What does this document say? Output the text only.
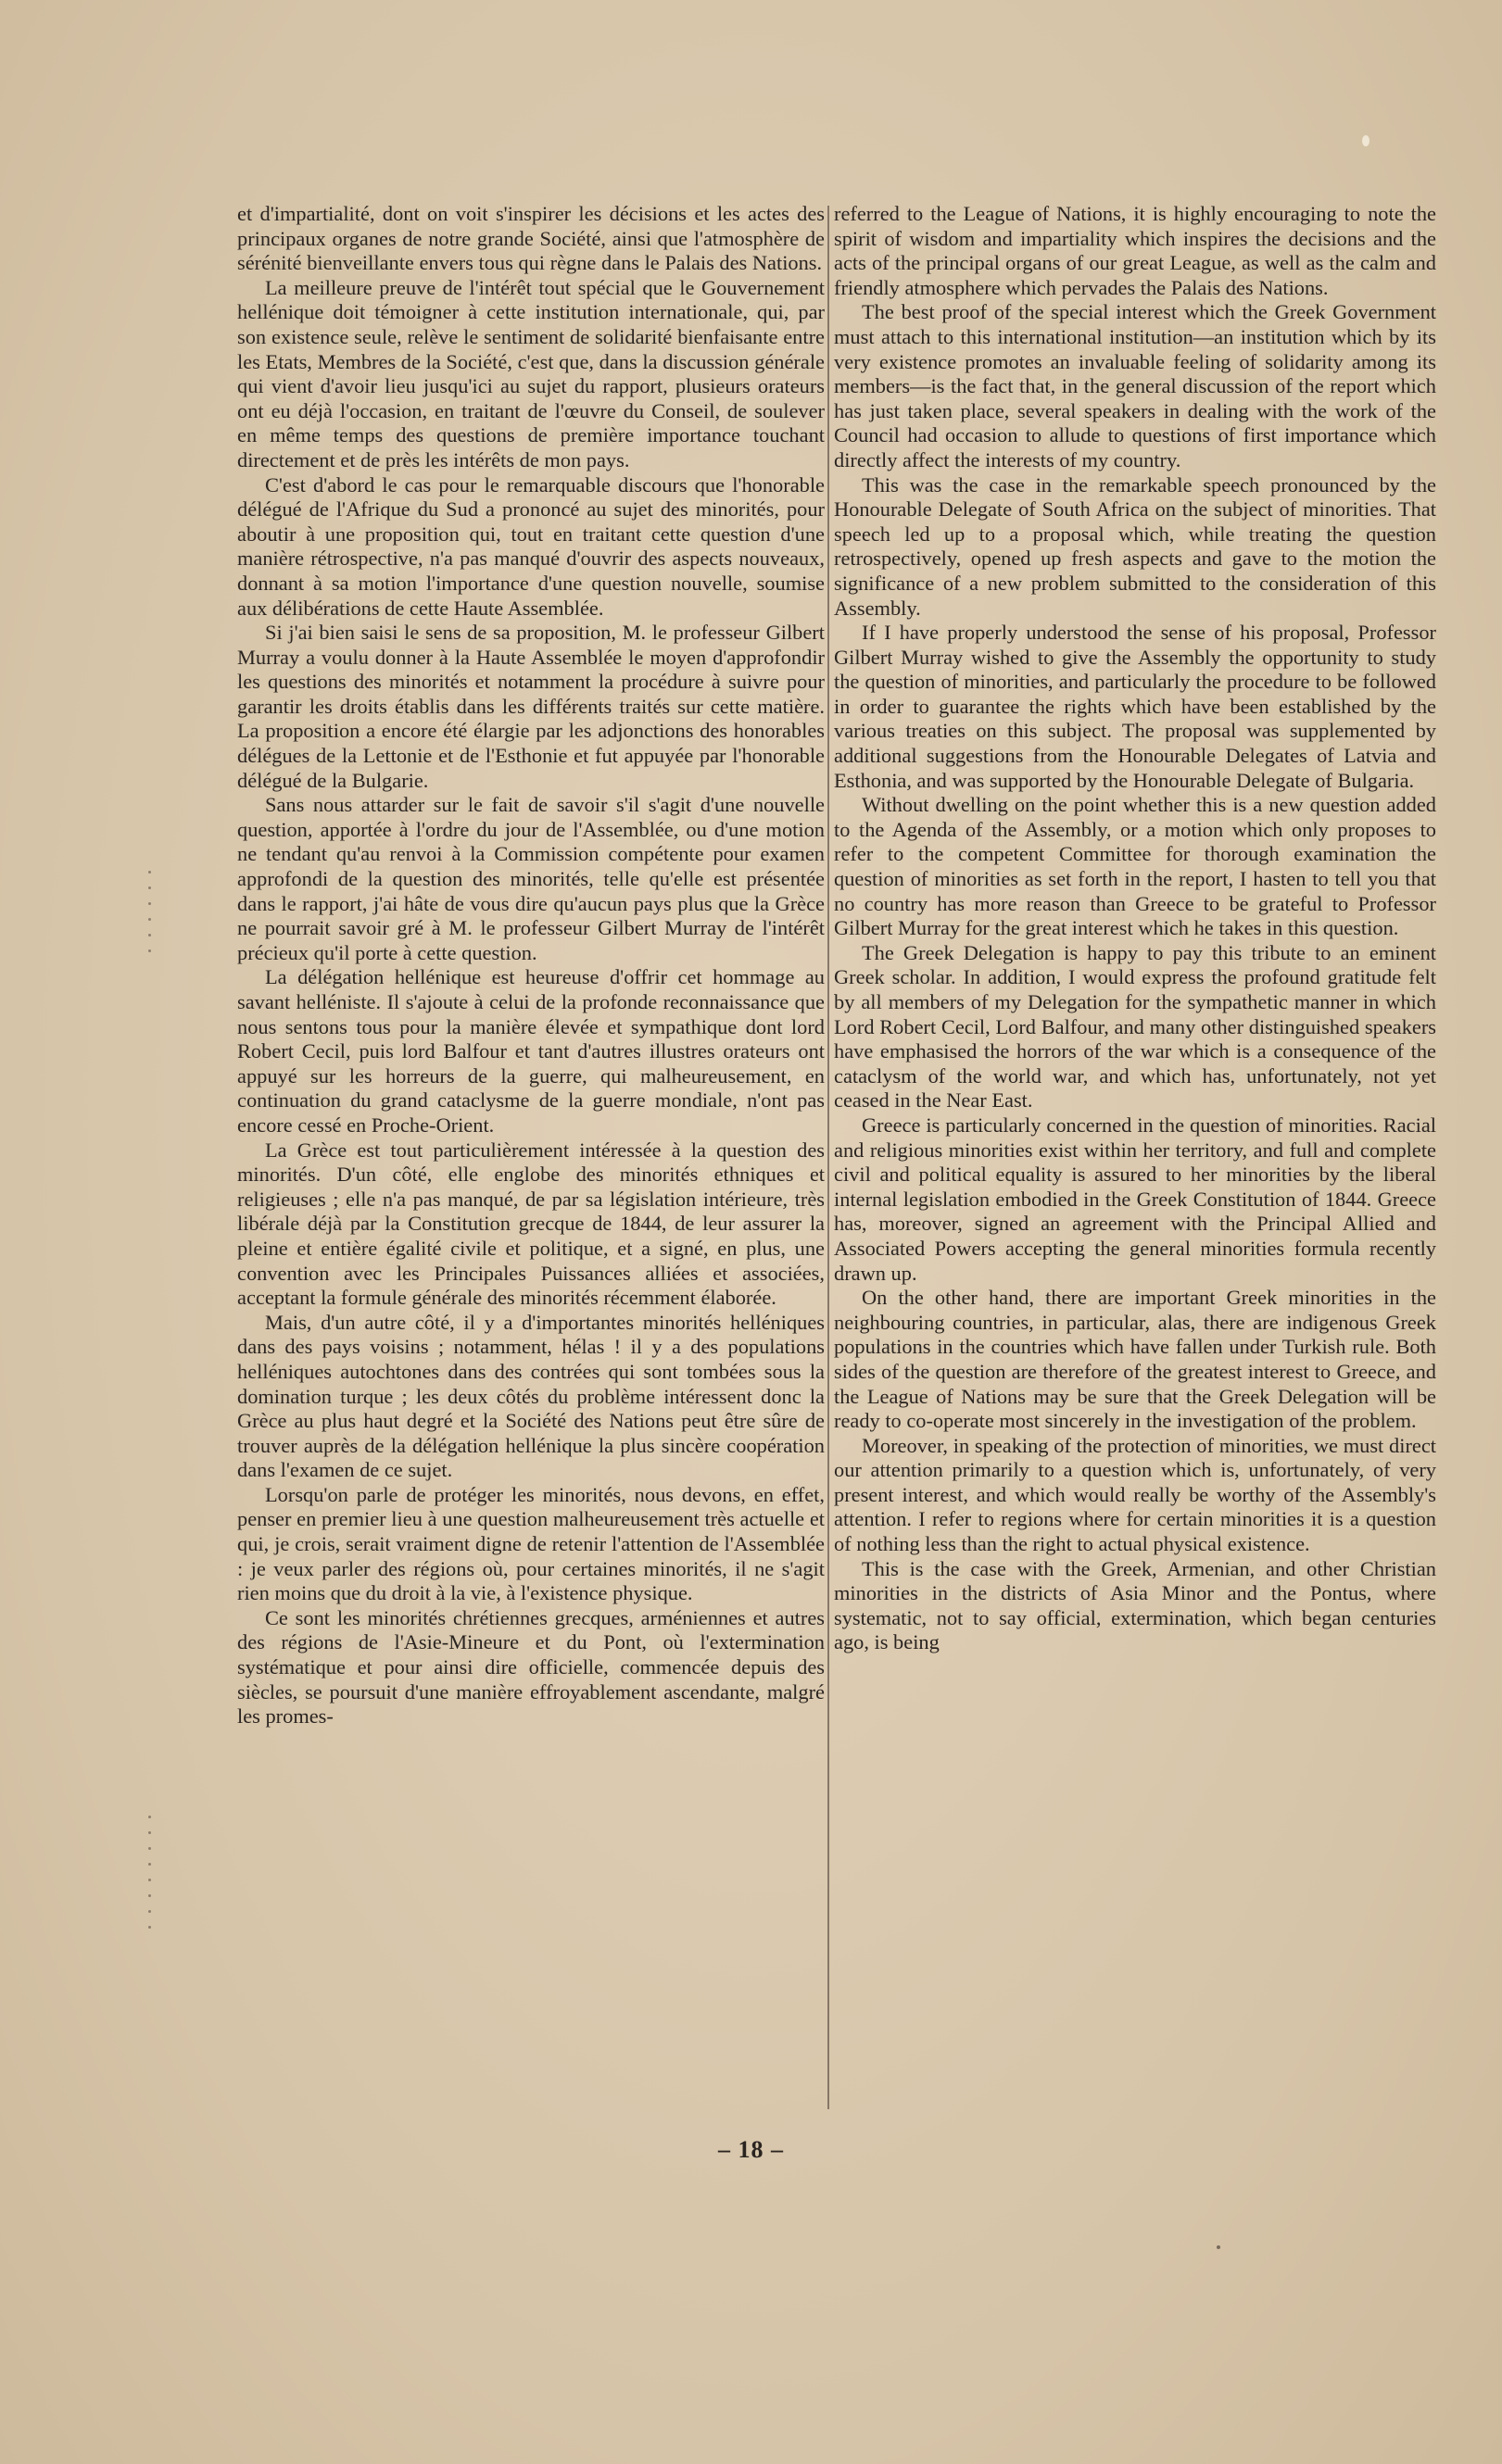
et d'impartialité, dont on voit s'inspirer les décisions et les actes des principaux organes de notre grande Société, ainsi que l'atmosphère de sérénité bienveillante envers tous qui règne dans le Palais des Nations.

La meilleure preuve de l'intérêt tout spécial que le Gouvernement hellénique doit témoigner à cette institution internationale, qui, par son existence seule, relève le sentiment de solidarité bienfaisante entre les Etats, Membres de la Société, c'est que, dans la discussion générale qui vient d'avoir lieu jusqu'ici au sujet du rapport, plusieurs orateurs ont eu déjà l'occasion, en traitant de l'œuvre du Conseil, de soulever en même temps des questions de première importance touchant directement et de près les intérêts de mon pays.

C'est d'abord le cas pour le remarquable discours que l'honorable délégué de l'Afrique du Sud a prononcé au sujet des minorités, pour aboutir à une proposition qui, tout en traitant cette question d'une manière rétrospective, n'a pas manqué d'ouvrir des aspects nouveaux, donnant à sa motion l'importance d'une question nouvelle, soumise aux délibérations de cette Haute Assemblée.

Si j'ai bien saisi le sens de sa proposition, M. le professeur Gilbert Murray a voulu donner à la Haute Assemblée le moyen d'approfondir les questions des minorités et notamment la procédure à suivre pour garantir les droits établis dans les différents traités sur cette matière. La proposition a encore été élargie par les adjonctions des honorables délégues de la Lettonie et de l'Esthonie et fut appuyée par l'honorable délégué de la Bulgarie.

Sans nous attarder sur le fait de savoir s'il s'agit d'une nouvelle question, apportée à l'ordre du jour de l'Assemblée, ou d'une motion ne tendant qu'au renvoi à la Commission compétente pour examen approfondi de la question des minorités, telle qu'elle est présentée dans le rapport, j'ai hâte de vous dire qu'aucun pays plus que la Grèce ne pourrait savoir gré à M. le professeur Gilbert Murray de l'intérêt précieux qu'il porte à cette question.

La délégation hellénique est heureuse d'offrir cet hommage au savant helléniste. Il s'ajoute à celui de la profonde reconnaissance que nous sentons tous pour la manière élevée et sympathique dont lord Robert Cecil, puis lord Balfour et tant d'autres illustres orateurs ont appuyé sur les horreurs de la guerre, qui malheureusement, en continuation du grand cataclysme de la guerre mondiale, n'ont pas encore cessé en Proche-Orient.

La Grèce est tout particulièrement intéressée à la question des minorités. D'un côté, elle englobe des minorités ethniques et religieuses ; elle n'a pas manqué, de par sa législation intérieure, très libérale déjà par la Constitution grecque de 1844, de leur assurer la pleine et entière égalité civile et politique, et a signé, en plus, une convention avec les Principales Puissances alliées et associées, acceptant la formule générale des minorités récemment élaborée.

Mais, d'un autre côté, il y a d'importantes minorités helléniques dans des pays voisins ; notamment, hélas ! il y a des populations helléniques autochtones dans des contrées qui sont tombées sous la domination turque ; les deux côtés du problème intéressent donc la Grèce au plus haut degré et la Société des Nations peut être sûre de trouver auprès de la délégation hellénique la plus sincère coopération dans l'examen de ce sujet.

Lorsqu'on parle de protéger les minorités, nous devons, en effet, penser en premier lieu à une question malheureusement très actuelle et qui, je crois, serait vraiment digne de retenir l'attention de l'Assemblée : je veux parler des régions où, pour certaines minorités, il ne s'agit rien moins que du droit à la vie, à l'existence physique.

Ce sont les minorités chrétiennes grecques, arméniennes et autres des régions de l'Asie-Mineure et du Pont, où l'extermination systématique et pour ainsi dire officielle, commencée depuis des siècles, se poursuit d'une manière effroyablement ascendante, malgré les promes-

referred to the League of Nations, it is highly encouraging to note the spirit of wisdom and impartiality which inspires the decisions and the acts of the principal organs of our great League, as well as the calm and friendly atmosphere which pervades the Palais des Nations.

The best proof of the special interest which the Greek Government must attach to this international institution—an institution which by its very existence promotes an invaluable feeling of solidarity among its members—is the fact that, in the general discussion of the report which has just taken place, several speakers in dealing with the work of the Council had occasion to allude to questions of first importance which directly affect the interests of my country.

This was the case in the remarkable speech pronounced by the Honourable Delegate of South Africa on the subject of minorities. That speech led up to a proposal which, while treating the question retrospectively, opened up fresh aspects and gave to the motion the significance of a new problem submitted to the consideration of this Assembly.

If I have properly understood the sense of his proposal, Professor Gilbert Murray wished to give the Assembly the opportunity to study the question of minorities, and particularly the procedure to be followed in order to guarantee the rights which have been established by the various treaties on this subject. The proposal was supplemented by additional suggestions from the Honourable Delegates of Latvia and Esthonia, and was supported by the Honourable Delegate of Bulgaria.

Without dwelling on the point whether this is a new question added to the Agenda of the Assembly, or a motion which only proposes to refer to the competent Committee for thorough examination the question of minorities as set forth in the report, I hasten to tell you that no country has more reason than Greece to be grateful to Professor Gilbert Murray for the great interest which he takes in this question.

The Greek Delegation is happy to pay this tribute to an eminent Greek scholar. In addition, I would express the profound gratitude felt by all members of my Delegation for the sympathetic manner in which Lord Robert Cecil, Lord Balfour, and many other distinguished speakers have emphasised the horrors of the war which is a consequence of the cataclysm of the world war, and which has, unfortunately, not yet ceased in the Near East.

Greece is particularly concerned in the question of minorities. Racial and religious minorities exist within her territory, and full and complete civil and political equality is assured to her minorities by the liberal internal legislation embodied in the Greek Constitution of 1844. Greece has, moreover, signed an agreement with the Principal Allied and Associated Powers accepting the general minorities formula recently drawn up.

On the other hand, there are important Greek minorities in the neighbouring countries, in particular, alas, there are indigenous Greek populations in the countries which have fallen under Turkish rule. Both sides of the question are therefore of the greatest interest to Greece, and the League of Nations may be sure that the Greek Delegation will be ready to co-operate most sincerely in the investigation of the problem.

Moreover, in speaking of the protection of minorities, we must direct our attention primarily to a question which is, unfortunately, of very present interest, and which would really be worthy of the Assembly's attention. I refer to regions where for certain minorities it is a question of nothing less than the right to actual physical existence.

This is the case with the Greek, Armenian, and other Christian minorities in the districts of Asia Minor and the Pontus, where systematic, not to say official, extermination, which began centuries ago, is being

– 18 –
